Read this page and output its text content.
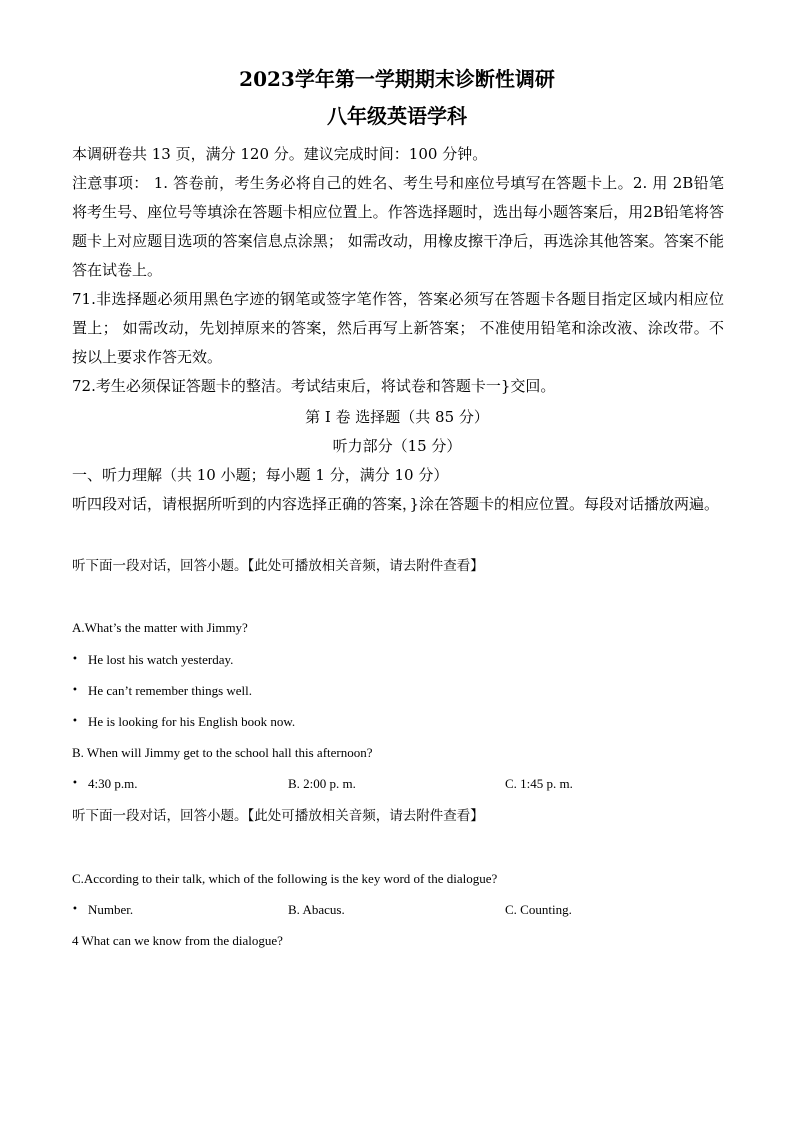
2023学年第一学期期末诊断性调研
八年级英语学科
本调研卷共 13 页，满分 120 分。建议完成时间：100 分钟。
注意事项： 1. 答卷前，考生务必将自己的姓名、考生号和座位号填写在答题卡上。2. 用 2B铅笔将考生号、座位号等填涂在答题卡相应位置上。作答选择题时，选出每小题答案后，用2B铅笔将答题卡上对应题目选项的答案信息点涂黑； 如需改动，用橡皮擦干净后，再选涂其他答案。答案不能答在试卷上。
71.非选择题必须用黑色字迹的钢笔或签字笔作答，答案必须写在答题卡各题目指定区域内相应位置上； 如需改动，先划掉原来的答案，然后再写上新答案； 不准使用铅笔和涂改液、涂改带。不按以上要求作答无效。
72.考生必须保证答题卡的整洁。考试结束后，将试卷和答题卡一}交回。
第 I 卷 选择题（共 85 分）
听力部分（15 分）
一、听力理解（共 10 小题；每小题 1 分，满分 10 分）
听四段对话，请根据所听到的内容选择正确的答案，}涂在答题卡的相应位置。每段对话播放两遍。
听下面一段对话，回答小题。【此处可播放相关音频，请去附件查看】
A.What’s the matter with Jimmy?
• He lost his watch yesterday.
• He can’t remember things well.
• He is looking for his English book now.
B. When will Jimmy get to the school hall this afternoon?
• 4:30 p.m.	B. 2:00 p. m.	C. 1:45 p. m.
听下面一段对话，回答小题。【此处可播放相关音频，请去附件查看】
C.According to their talk, which of the following is the key word of the dialogue?
• Number.	B. Abacus.	C. Counting.
4 What can we know from the dialogue?
